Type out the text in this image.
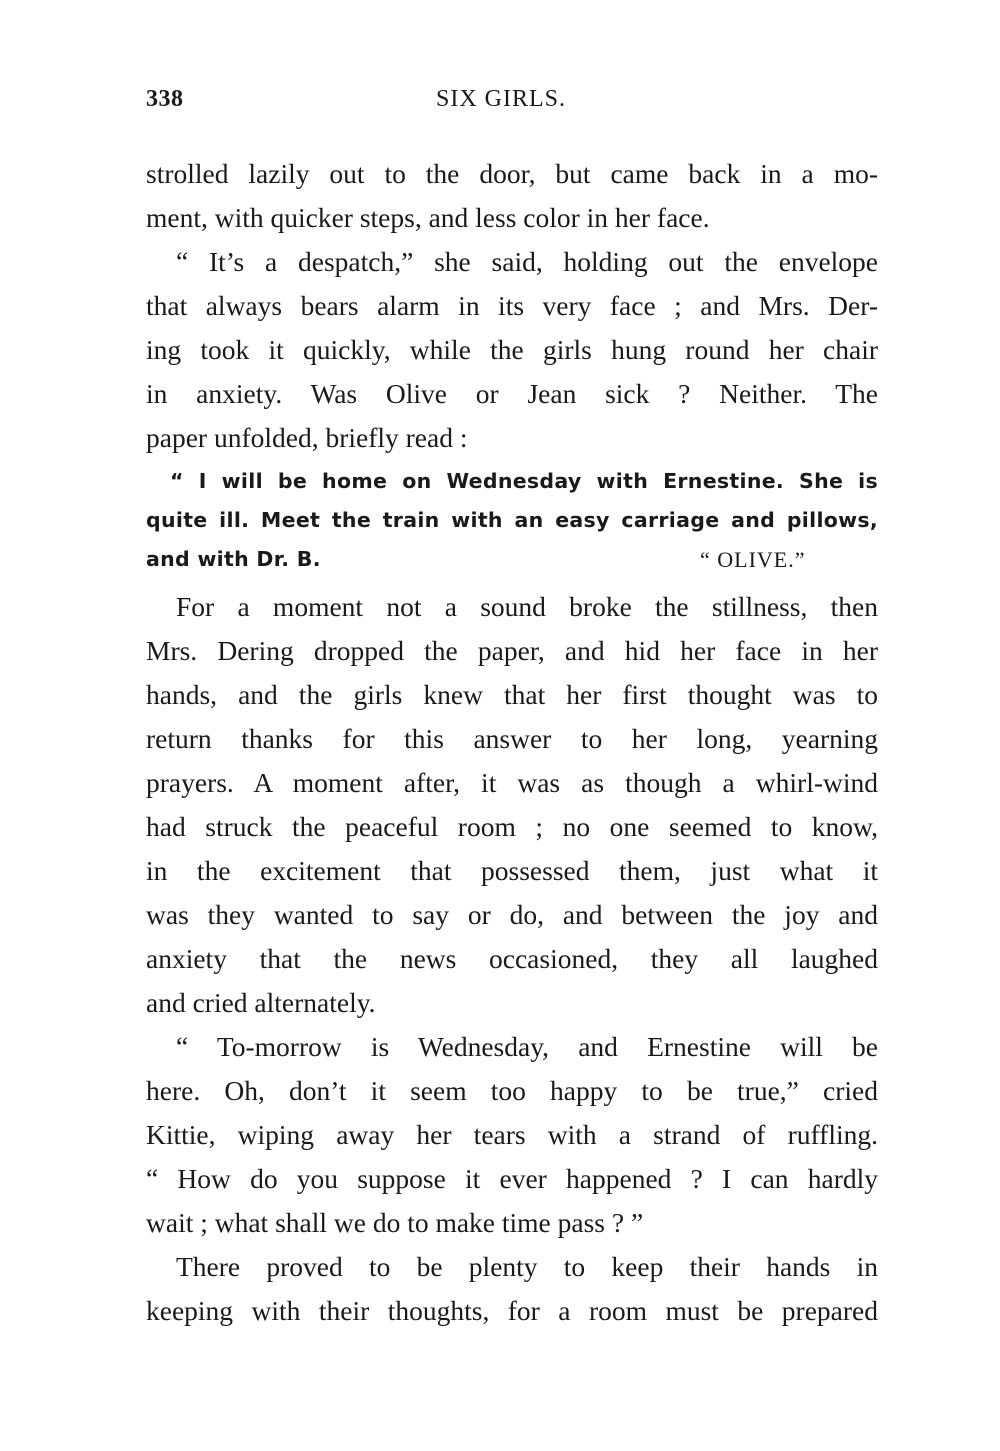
338	SIX GIRLS.
strolled lazily out to the door, but came back in a mo-
ment, with quicker steps, and less color in her face.
“ It’s a despatch,” she said, holding out the envelope
that always bears alarm in its very face ; and Mrs. Der-
ing took it quickly, while the girls hung round her chair
in anxiety. Was Olive or Jean sick ? Neither. The
paper unfolded, briefly read :
“ I will be home on Wednesday with Ernestine. She is
quite ill. Meet the train with an easy carriage and pillows,
and with Dr. B.	“ OLIVE.”
For a moment not a sound broke the stillness, then
Mrs. Dering dropped the paper, and hid her face in her
hands, and the girls knew that her first thought was to
return thanks for this answer to her long, yearning
prayers. A moment after, it was as though a whirl-wind
had struck the peaceful room ; no one seemed to know,
in the excitement that possessed them, just what it
was they wanted to say or do, and between the joy and
anxiety that the news occasioned, they all laughed
and cried alternately.
“ To-morrow is Wednesday, and Ernestine will be
here. Oh, don’t it seem too happy to be true,” cried
Kittie, wiping away her tears with a strand of ruffling.
“ How do you suppose it ever happened ? I can hardly
wait ; what shall we do to make time pass ? ”
There proved to be plenty to keep their hands in
keeping with their thoughts, for a room must be prepared
